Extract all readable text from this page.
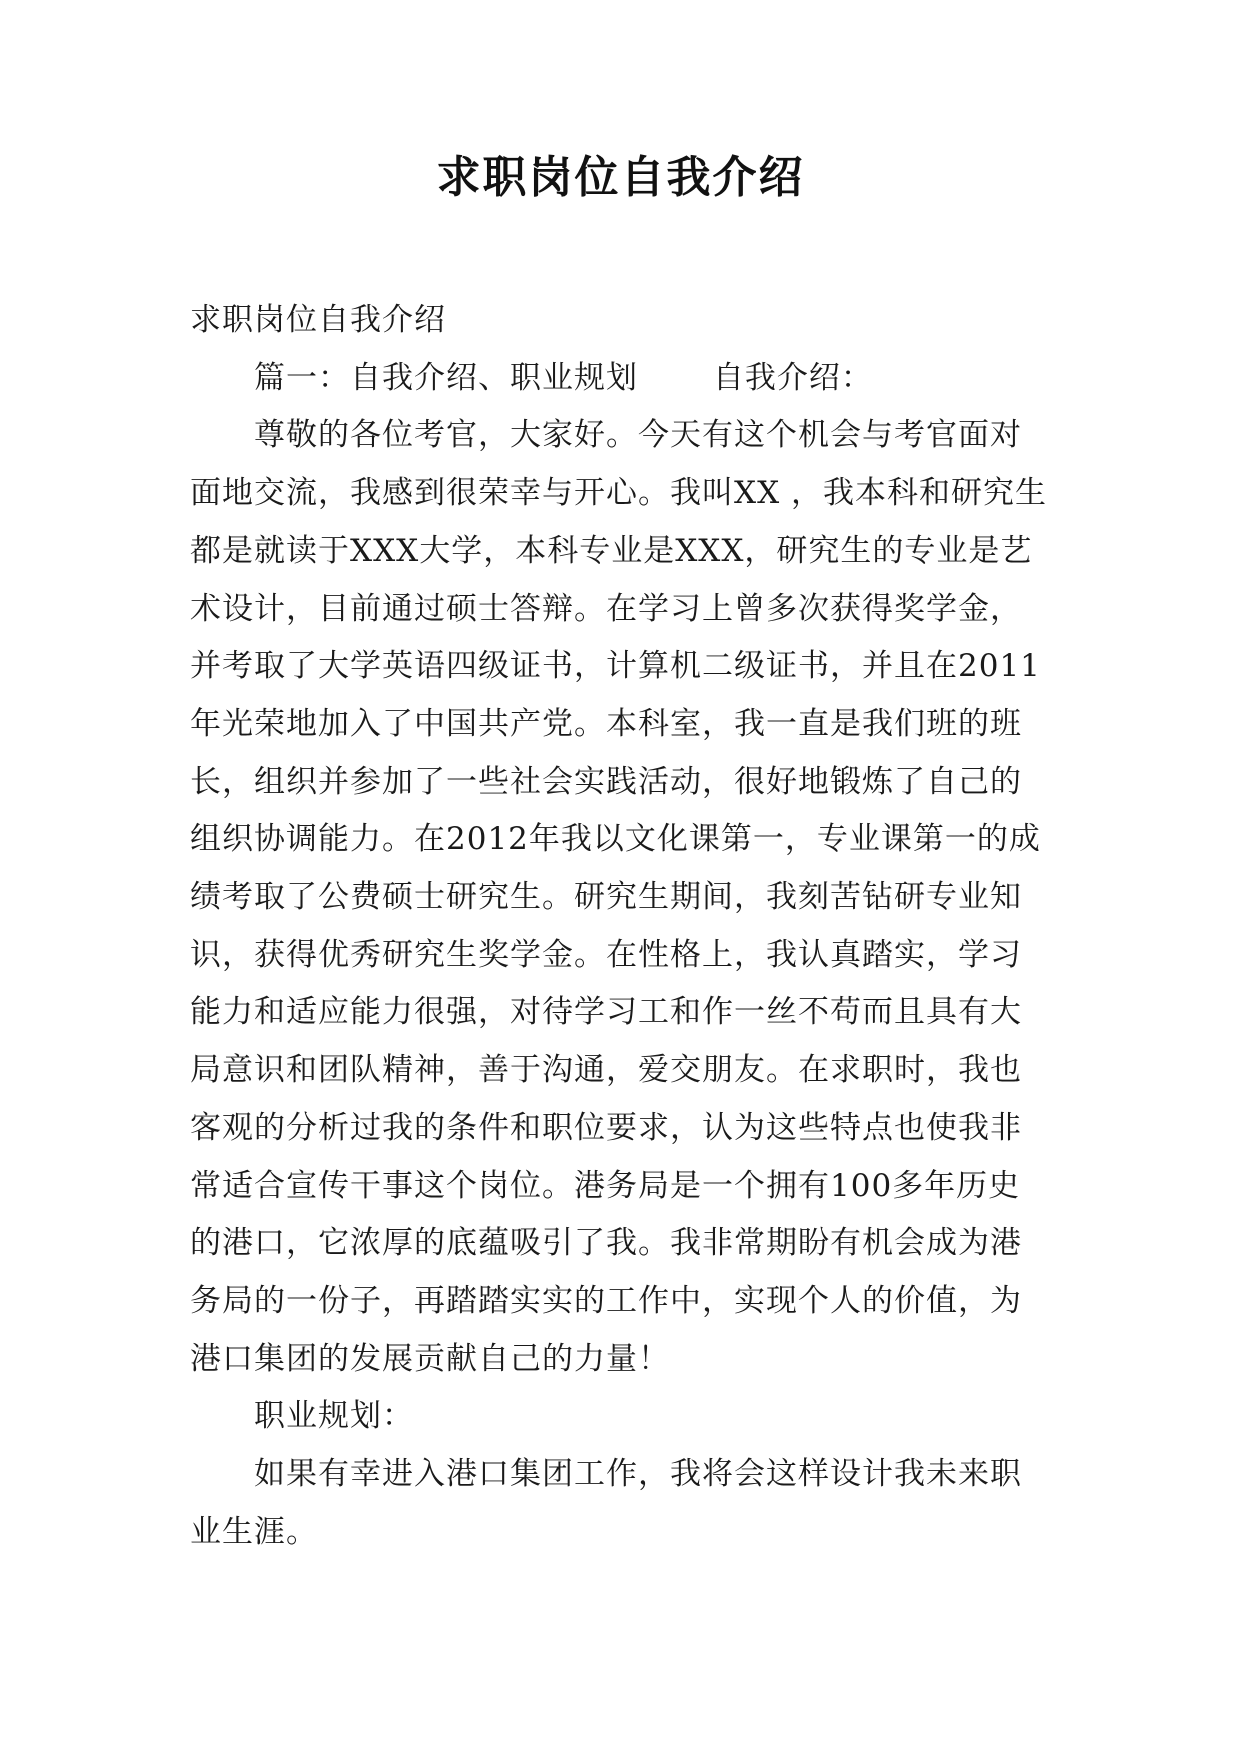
求职岗位自我介绍

求职岗位自我介绍

篇一：自我介绍、职业规划　　 自我介绍：

尊敬的各位考官，大家好。今天有这个机会与考官面对面地交流，我感到很荣幸与开心。我叫XX ，我本科和研究生都是就读于XXX大学，本科专业是XXX，研究生的专业是艺术设计，目前通过硕士答辩。在学习上曾多次获得奖学金，并考取了大学英语四级证书，计算机二级证书，并且在2011年光荣地加入了中国共产党。本科室，我一直是我们班的班长，组织并参加了一些社会实践活动，很好地锻炼了自己的组织协调能力。在2012年我以文化课第一，专业课第一的成绩考取了公费硕士研究生。研究生期间，我刻苦钻研专业知识，获得优秀研究生奖学金。在性格上，我认真踏实，学习能力和适应能力很强，对待学习工和作一丝不苟而且具有大局意识和团队精神，善于沟通，爱交朋友。在求职时，我也客观的分析过我的条件和职位要求，认为这些特点也使我非常适合宣传干事这个岗位。港务局是一个拥有100多年历史的港口，它浓厚的底蕴吸引了我。我非常期盼有机会成为港务局的一份子，再踏踏实实的工作中，实现个人的价值，为港口集团的发展贡献自己的力量！

职业规划：

如果有幸进入港口集团工作，我将会这样设计我未来职业生涯。
